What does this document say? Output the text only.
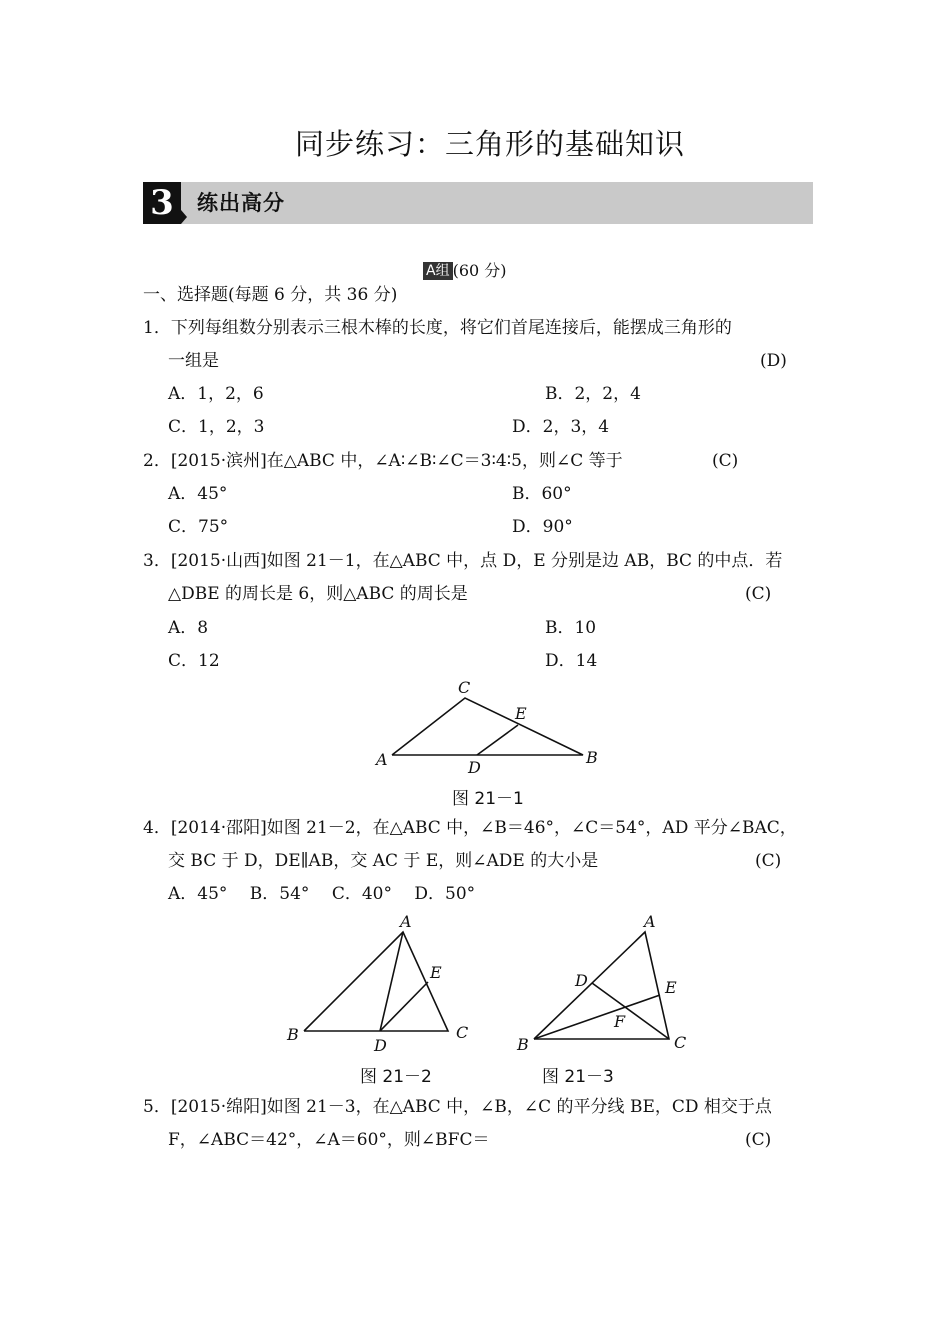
同步练习：三角形的基础知识
3	练出高分
A组 (60 分)
一、选择题(每题 6 分，共 36 分)
1．下列每组数分别表示三根木棒的长度，将它们首尾连接后，能摆成三角形的
一组是	(D)
A．1，2，6	B．2，2，4
C．1，2，3	D．2，3，4
2．[2015·滨州]在△ABC 中，∠A∶∠B∶∠C＝3∶4∶5，则∠C 等于	(C)
A．45°	B．60°
C．75°	D．90°
3．[2015·山西]如图 21－1，在△ABC 中，点 D，E 分别是边 AB，BC 的中点．若
△DBE 的周长是 6，则△ABC 的周长是	(C)
A．8	B．10
C．12	D．14
A	B
C
D
E
图 21－1
4．[2014·邵阳]如图 21－2，在△ABC 中，∠B＝46°，∠C＝54°，AD 平分∠BAC，
交 BC 于 D，DE∥AB，交 AC 于 E，则∠ADE 的大小是	(C)
A．45°　 B．54°　 C．40°　 D．50°
A
B	C
D
E
图 21－2
A
B	C
D	E
F
图 21－3
5．[2015·绵阳]如图 21－3，在△ABC 中，∠B，∠C 的平分线 BE，CD 相交于点
F，∠ABC＝42°，∠A＝60°，则∠BFC＝	(C)
